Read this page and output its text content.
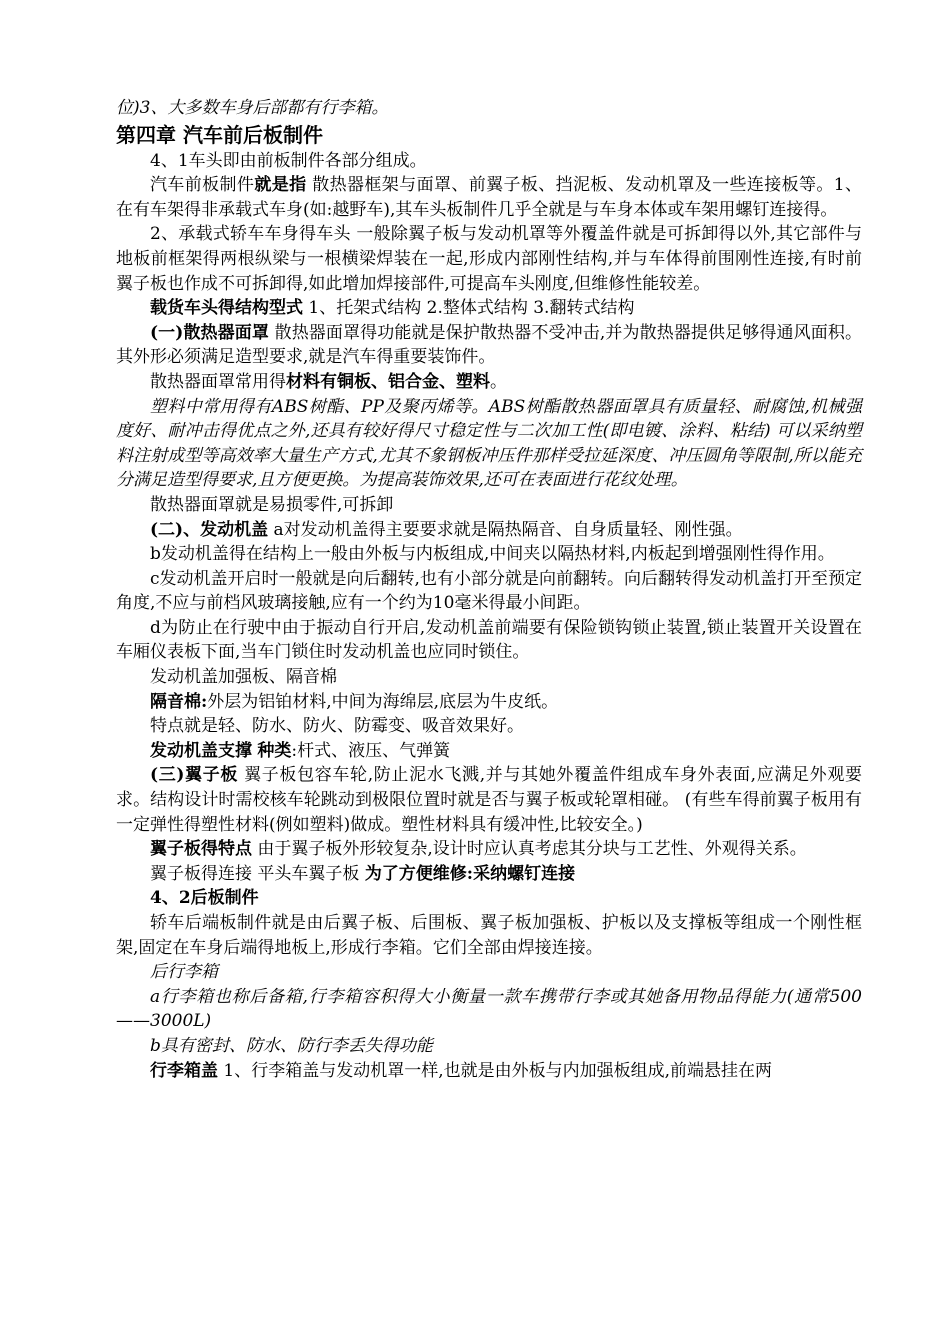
位)3、大多数车身后部都有行李箱。

第四章 汽车前后板制件

4、1车头即由前板制件各部分组成。

汽车前板制件就是指 散热器框架与面罩、前翼子板、挡泥板、发动机罩及一些连接板等。1、在有车架得非承载式车身(如:越野车),其车头板制件几乎全就是与车身本体或车架用螺钉连接得。

2、承载式轿车车身得车头 一般除翼子板与发动机罩等外覆盖件就是可拆卸得以外,其它部件与地板前框架得两根纵梁与一根横梁焊装在一起,形成内部刚性结构,并与车体得前围刚性连接,有时前翼子板也作成不可拆卸得,如此增加焊接部件,可提高车头刚度,但维修性能较差。

载货车头得结构型式 1、托架式结构 2.整体式结构 3.翻转式结构

(一)散热器面罩 散热器面罩得功能就是保护散热器不受冲击,并为散热器提供足够得通风面积。其外形必须满足造型要求,就是汽车得重要装饰件。

散热器面罩常用得材料有铜板、铝合金、塑料。

塑料中常用得有ABS树酯、PP及聚丙烯等。ABS树酯散热器面罩具有质量轻、耐腐蚀,机械强度好、耐冲击得优点之外,还具有较好得尺寸稳定性与二次加工性(即电镀、涂料、粘结) 可以采纳塑料注射成型等高效率大量生产方式,尤其不象钢板冲压件那样受拉延深度、冲压圆角等限制,所以能充分满足造型得要求,且方便更换。为提高装饰效果,还可在表面进行花纹处理。

散热器面罩就是易损零件,可拆卸

(二)、发动机盖 a对发动机盖得主要要求就是隔热隔音、自身质量轻、刚性强。

b发动机盖得在结构上一般由外板与内板组成,中间夹以隔热材料,内板起到增强刚性得作用。

c发动机盖开启时一般就是向后翻转,也有小部分就是向前翻转。向后翻转得发动机盖打开至预定角度,不应与前档风玻璃接触,应有一个约为10毫米得最小间距。

d为防止在行驶中由于振动自行开启,发动机盖前端要有保险锁钩锁止装置,锁止装置开关设置在车厢仪表板下面,当车门锁住时发动机盖也应同时锁住。

发动机盖加强板、隔音棉

隔音棉:外层为铝铂材料,中间为海绵层,底层为牛皮纸。

特点就是轻、防水、防火、防霉变、吸音效果好。

发动机盖支撑 种类:杆式、液压、气弹簧

(三)翼子板 翼子板包容车轮,防止泥水飞溅,并与其她外覆盖件组成车身外表面,应满足外观要求。结构设计时需校核车轮跳动到极限位置时就是否与翼子板或轮罩相碰。 (有些车得前翼子板用有一定弹性得塑性材料(例如塑料)做成。塑性材料具有缓冲性,比较安全。)

翼子板得特点 由于翼子板外形较复杂,设计时应认真考虑其分块与工艺性、外观得关系。

翼子板得连接 平头车翼子板 为了方便维修:采纳螺钉连接

4、2后板制件

轿车后端板制件就是由后翼子板、后围板、翼子板加强板、护板以及支撑板等组成一个刚性框架,固定在车身后端得地板上,形成行李箱。它们全部由焊接连接。

后行李箱

a行李箱也称后备箱,行李箱容积得大小衡量一款车携带行李或其她备用物品得能力(通常500——3000L)

b具有密封、防水、防行李丢失得功能

行李箱盖 1、行李箱盖与发动机罩一样,也就是由外板与内加强板组成,前端悬挂在两
